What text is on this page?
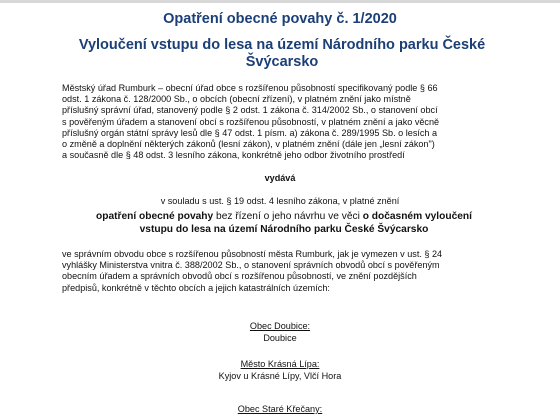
Opatření obecné povahy č. 1/2020
Vyloučení vstupu do lesa na území Národního parku České
Švýcarsko
Městský úřad Rumburk – obecní úřad obce s rozšířenou působností specifikovaný podle § 66
odst. 1 zákona č. 128/2000 Sb., o obcích (obecní zřízení), v platném znění jako místně
příslušný správní úřad, stanovený podle § 2 odst. 1 zákona č. 314/2002 Sb., o stanovení obcí
s pověřeným úřadem a stanovení obcí s rozšířenou působností, v platném znění a jako věcně
příslušný orgán státní správy lesů dle § 47 odst. 1 písm. a) zákona č. 289/1995 Sb. o lesích a
o změně a doplnění některých zákonů (lesní zákon), v platném znění (dále jen „lesní zákon")
a současně dle § 48 odst. 3 lesního zákona, konkrétně jeho odbor životního prostředí
vydává
v souladu s ust. § 19 odst. 4 lesního zákona, v platné znění
opatření obecné povahy bez řízení o jeho návrhu ve věci o dočasném vyloučení
vstupu do lesa na území Národního parku České Švýcarsko
ve správním obvodu obce s rozšířenou působností města Rumburk, jak je vymezen v ust. § 24
vyhlášky Ministerstva vnitra č. 388/2002 Sb., o stanovení správních obvodů obcí s pověřeným
obecním úřadem a správních obvodů obcí s rozšířenou působností, ve znění pozdějších
předpisů, konkrétně v těchto obcích a jejich katastrálních územích:
Obec Doubice:
Doubice
Město Krásná Lípa:
Kyjov u Krásné Lípy, Vlčí Hora
Obec Staré Křečany:
